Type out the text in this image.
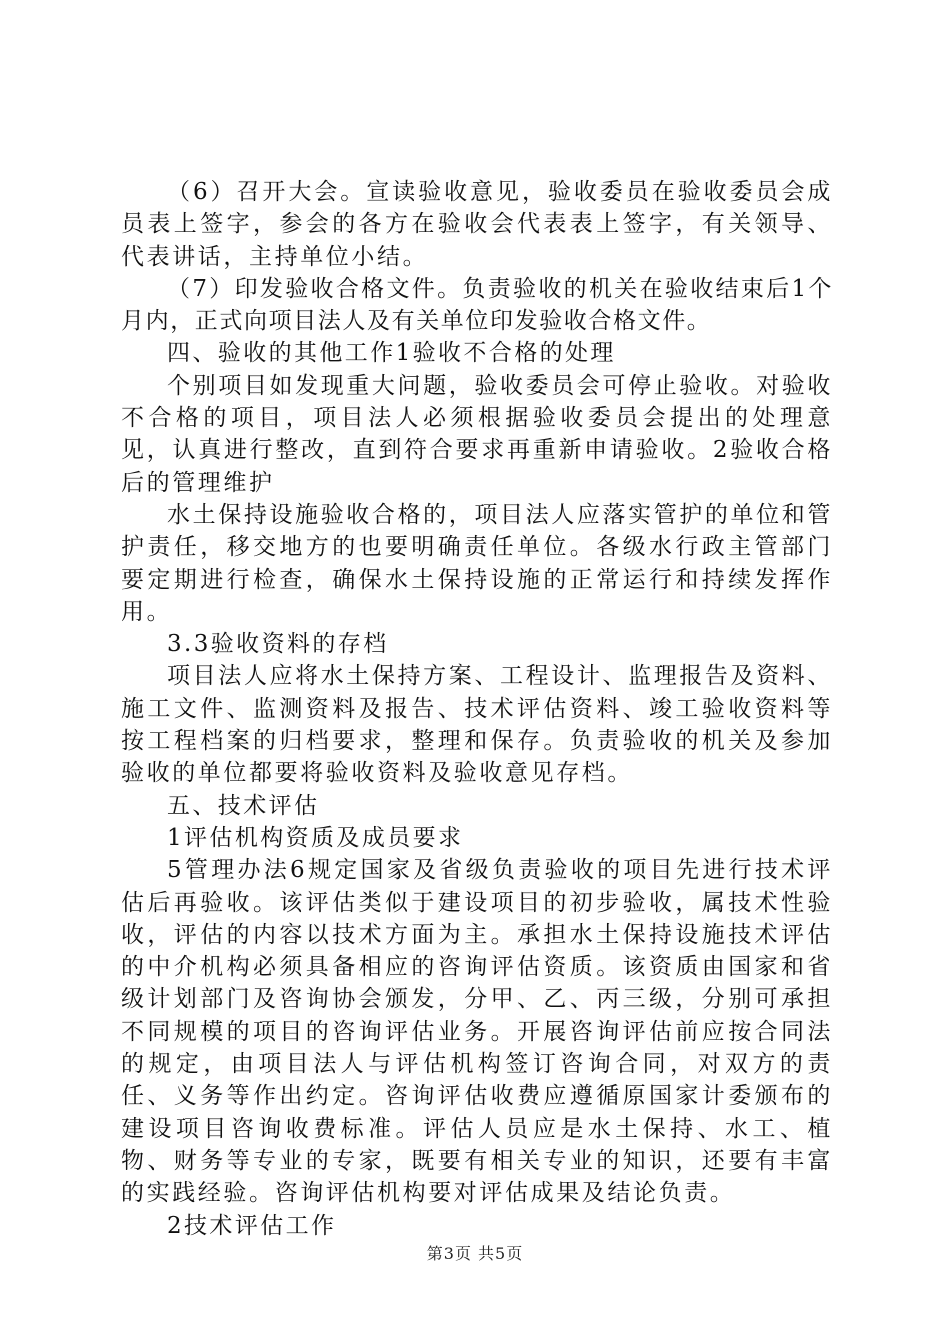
（6）召开大会。宣读验收意见，验收委员在验收委员会成员表上签字，参会的各方在验收会代表表上签字，有关领导、代表讲话，主持单位小结。

（7）印发验收合格文件。负责验收的机关在验收结束后1个月内，正式向项目法人及有关单位印发验收合格文件。

四、验收的其他工作1验收不合格的处理

个别项目如发现重大问题，验收委员会可停止验收。对验收不合格的项目，项目法人必须根据验收委员会提出的处理意见，认真进行整改，直到符合要求再重新申请验收。2验收合格后的管理维护

水土保持设施验收合格的，项目法人应落实管护的单位和管护责任，移交地方的也要明确责任单位。各级水行政主管部门要定期进行检查，确保水土保持设施的正常运行和持续发挥作用。

3.3验收资料的存档

项目法人应将水土保持方案、工程设计、监理报告及资料、施工文件、监测资料及报告、技术评估资料、竣工验收资料等按工程档案的归档要求，整理和保存。负责验收的机关及参加验收的单位都要将验收资料及验收意见存档。

五、技术评估

1评估机构资质及成员要求

5管理办法6规定国家及省级负责验收的项目先进行技术评估后再验收。该评估类似于建设项目的初步验收，属技术性验收，评估的内容以技术方面为主。承担水土保持设施技术评估的中介机构必须具备相应的咨询评估资质。该资质由国家和省级计划部门及咨询协会颁发，分甲、乙、丙三级，分别可承担不同规模的项目的咨询评估业务。开展咨询评估前应按合同法的规定，由项目法人与评估机构签订咨询合同，对双方的责任、义务等作出约定。咨询评估收费应遵循原国家计委颁布的建设项目咨询收费标准。评估人员应是水土保持、水工、植物、财务等专业的专家，既要有相关专业的知识，还要有丰富的实践经验。咨询评估机构要对评估成果及结论负责。

2技术评估工作

第3页 共5页
